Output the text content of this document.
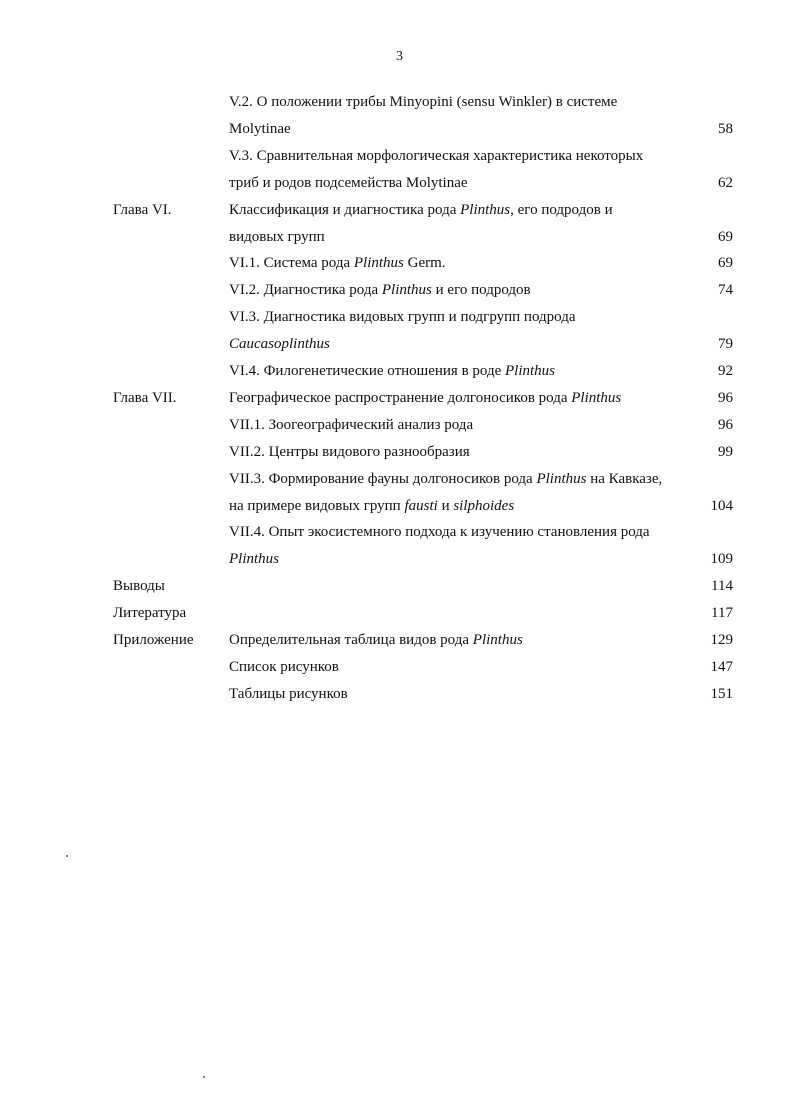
3
V.2. О положении трибы Minyopini (sensu Winkler) в системе
Molytinae	58
V.3. Сравнительная морфологическая характеристика некоторых
триб и родов подсемейства Molytinae	62
Глава VI.	Классификация и диагностика рода Plinthus, его подродов и
видовых групп	69
VI.1. Система рода Plinthus Germ.	69
VI.2. Диагностика рода Plinthus и его подродов	74
VI.3. Диагностика видовых групп и подгрупп подрода
Caucasoplinthus	79
VI.4. Филогенетические отношения в роде Plinthus	92
Глава VII.	Географическое распространение долгоносиков рода Plinthus	96
VII.1. Зоогеографический анализ рода	96
VII.2. Центры видового разнообразия	99
VII.3. Формирование фауны долгоносиков рода Plinthus на Кавказе,
на примере видовых групп fausti и silphoides	104
VII.4. Опыт экосистемного подхода к изучению становления рода
Plinthus	109
Выводы	114
Литература	117
Приложение Определительная таблица видов рода Plinthus	129
Список рисунков	147
Таблицы рисунков	151
